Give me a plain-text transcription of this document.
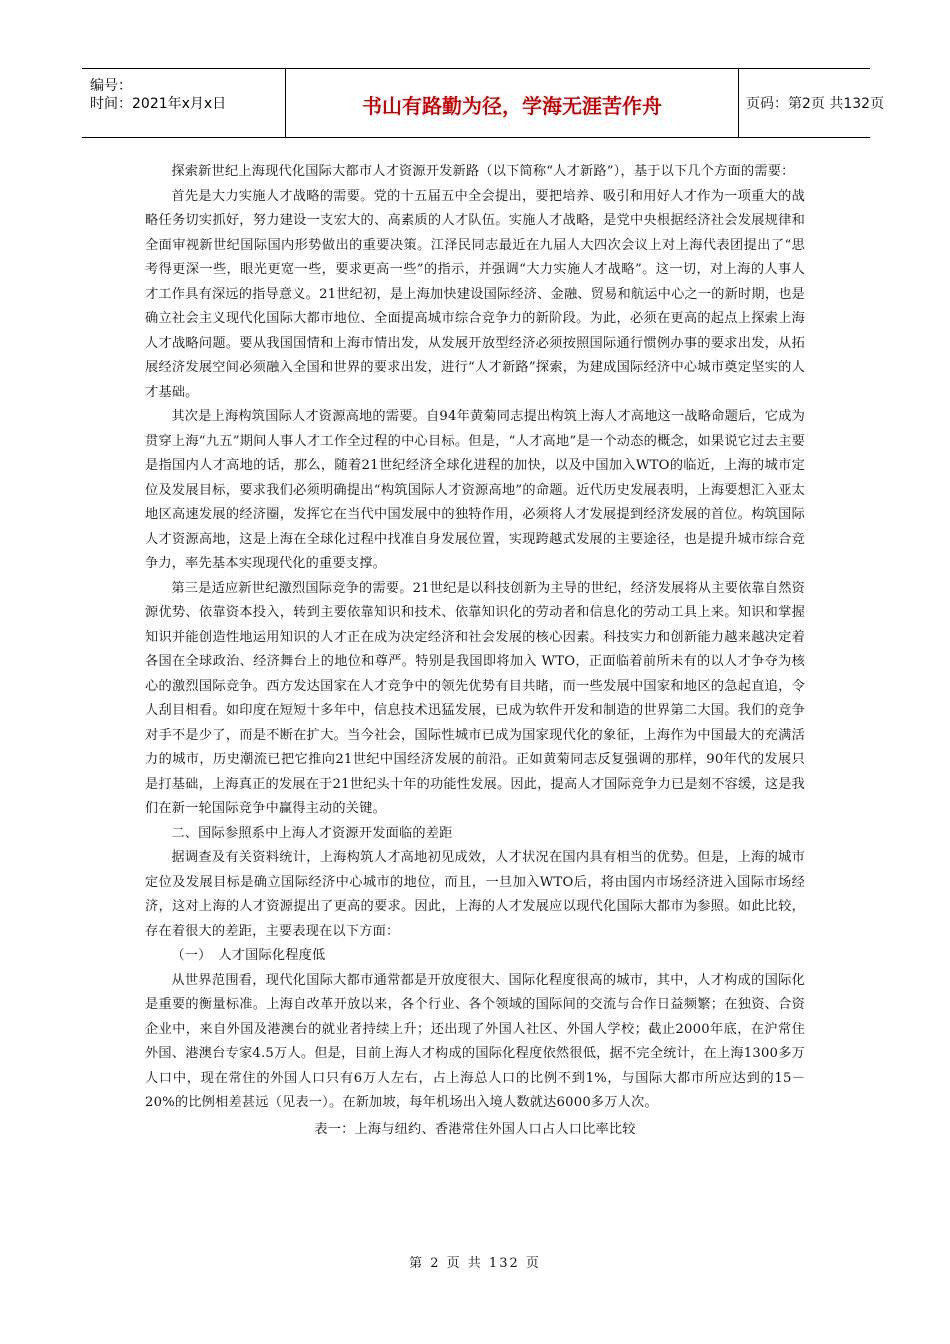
编号：
时间：2021年x月x日	书山有路勤为径，学海无涯苦作舟	页码：第2页 共132页

探索新世纪上海现代化国际大都市人才资源开发新路（以下简称“人才新路”），基于以下几个方面的需要：

首先是大力实施人才战略的需要。党的十五届五中全会提出，要把培养、吸引和用好人才作为一项重大的战略任务切实抓好，努力建设一支宏大的、高素质的人才队伍。实施人才战略，是党中央根据经济社会发展规律和全面审视新世纪国际国内形势做出的重要决策。江泽民同志最近在九届人大四次会议上对上海代表团提出了“思考得更深一些，眼光更宽一些，要求更高一些”的指示，并强调“大力实施人才战略”。这一切，对上海的人事人才工作具有深远的指导意义。21世纪初，是上海加快建设国际经济、金融、贸易和航运中心之一的新时期，也是确立社会主义现代化国际大都市地位、全面提高城市综合竞争力的新阶段。为此，必须在更高的起点上探索上海人才战略问题。要从我国国情和上海市情出发，从发展开放型经济必须按照国际通行惯例办事的要求出发，从拓展经济发展空间必须融入全国和世界的要求出发，进行“人才新路”探索，为建成国际经济中心城市奠定坚实的人才基础。

其次是上海构筑国际人才资源高地的需要。自94年黄菊同志提出构筑上海人才高地这一战略命题后，它成为贯穿上海“九五”期间人事人才工作全过程的中心目标。但是，“人才高地”是一个动态的概念，如果说它过去主要是指国内人才高地的话，那么，随着21世纪经济全球化进程的加快，以及中国加入WTO的临近，上海的城市定位及发展目标，要求我们必须明确提出“构筑国际人才资源高地”的命题。近代历史发展表明，上海要想汇入亚太地区高速发展的经济圈，发挥它在当代中国发展中的独特作用，必须将人才发展提到经济发展的首位。构筑国际人才资源高地，这是上海在全球化过程中找准自身发展位置，实现跨越式发展的主要途径，也是提升城市综合竞争力，率先基本实现现代化的重要支撑。

第三是适应新世纪激烈国际竞争的需要。21世纪是以科技创新为主导的世纪，经济发展将从主要依靠自然资源优势、依靠资本投入，转到主要依靠知识和技术、依靠知识化的劳动者和信息化的劳动工具上来。知识和掌握知识并能创造性地运用知识的人才正在成为决定经济和社会发展的核心因素。科技实力和创新能力越来越决定着各国在全球政治、经济舞台上的地位和尊严。特别是我国即将加入 WTO，正面临着前所未有的以人才争夺为核心的激烈国际竞争。西方发达国家在人才竞争中的领先优势有目共睹，而一些发展中国家和地区的急起直追，令人刮目相看。如印度在短短十多年中，信息技术迅猛发展，已成为软件开发和制造的世界第二大国。我们的竞争对手不是少了，而是不断在扩大。当今社会，国际性城市已成为国家现代化的象征，上海作为中国最大的充满活力的城市，历史潮流已把它推向21世纪中国经济发展的前沿。正如黄菊同志反复强调的那样，90年代的发展只是打基础，上海真正的发展在于21世纪头十年的功能性发展。因此，提高人才国际竞争力已是刻不容缓，这是我们在新一轮国际竞争中赢得主动的关键。

二、国际参照系中上海人才资源开发面临的差距

据调查及有关资料统计，上海构筑人才高地初见成效，人才状况在国内具有相当的优势。但是，上海的城市定位及发展目标是确立国际经济中心城市的地位，而且，一旦加入WTO后，将由国内市场经济进入国际市场经济，这对上海的人才资源提出了更高的要求。因此，上海的人才发展应以现代化国际大都市为参照。如此比较，存在着很大的差距，主要表现在以下方面：

（一）　人才国际化程度低

从世界范围看，现代化国际大都市通常都是开放度很大、国际化程度很高的城市，其中，人才构成的国际化是重要的衡量标准。上海自改革开放以来，各个行业、各个领域的国际间的交流与合作日益频繁；在独资、合资企业中，来自外国及港澳台的就业者持续上升；还出现了外国人社区、外国人学校；截止2000年底，在沪常住外国、港澳台专家4.5万人。但是，目前上海人才构成的国际化程度依然很低，据不完全统计，在上海1300多万人口中，现在常住的外国人口只有6万人左右，占上海总人口的比例不到1%，与国际大都市所应达到的15－20%的比例相差甚远（见表一）。在新加坡，每年机场出入境人数就达6000多万人次。

表一：上海与纽约、香港常住外国人口占人口比率比较

第 2 页 共 132 页
